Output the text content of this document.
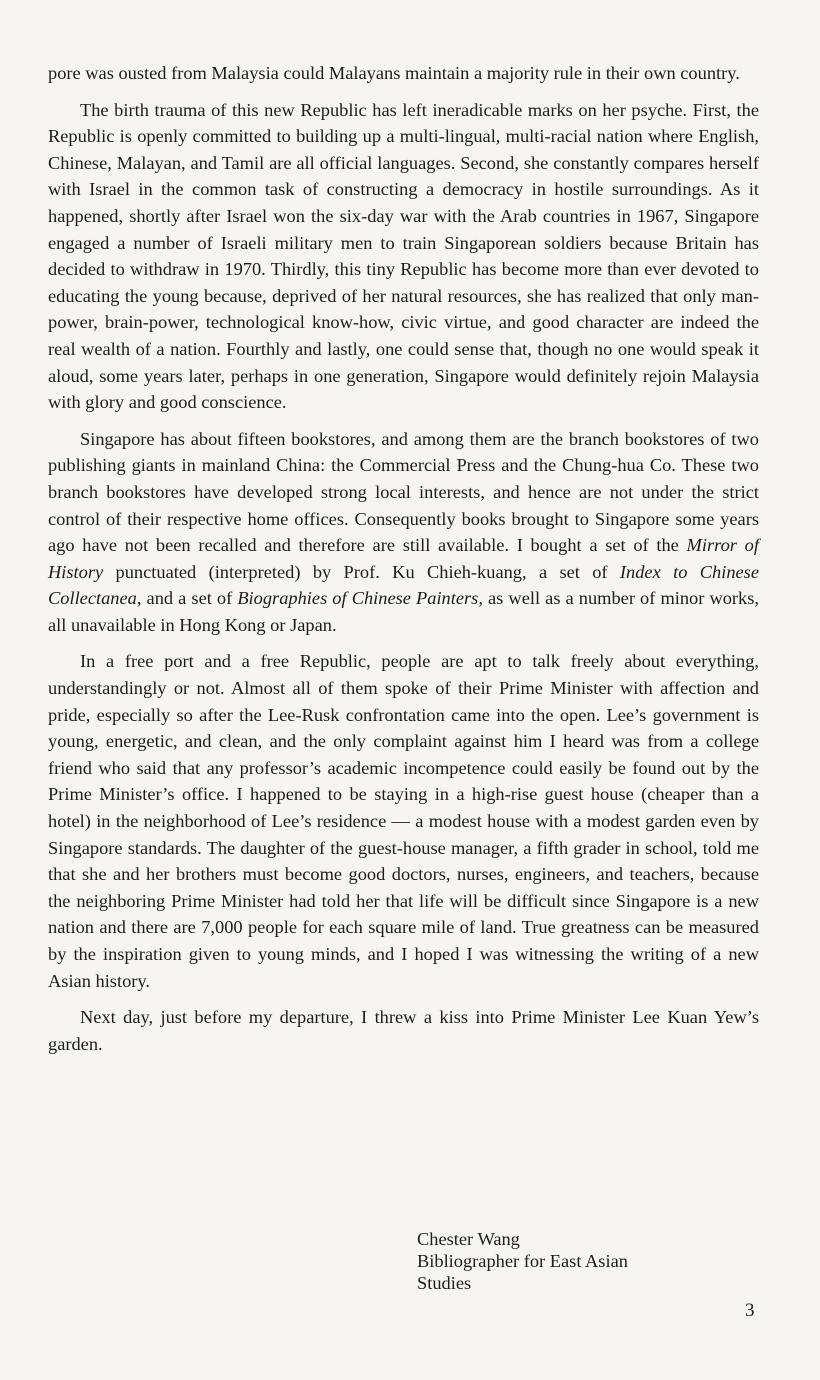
pore was ousted from Malaysia could Malayans maintain a majority rule in their own country.

The birth trauma of this new Republic has left ineradicable marks on her psyche. First, the Republic is openly committed to building up a multi-lingual, multi-racial nation where English, Chinese, Malayan, and Tamil are all official languages. Second, she constantly compares herself with Israel in the common task of constructing a democracy in hostile surroundings. As it happened, shortly after Israel won the six-day war with the Arab countries in 1967, Singapore engaged a number of Israeli military men to train Singaporean soldiers because Britain has decided to withdraw in 1970. Thirdly, this tiny Republic has become more than ever devoted to educating the young because, deprived of her natural resources, she has realized that only man-power, brain-power, technological know-how, civic virtue, and good character are indeed the real wealth of a nation. Fourthly and lastly, one could sense that, though no one would speak it aloud, some years later, perhaps in one generation, Singapore would definitely rejoin Malaysia with glory and good conscience.

Singapore has about fifteen bookstores, and among them are the branch bookstores of two publishing giants in mainland China: the Commercial Press and the Chung-hua Co. These two branch bookstores have developed strong local interests, and hence are not under the strict control of their respective home offices. Consequently books brought to Singapore some years ago have not been recalled and therefore are still available. I bought a set of the Mirror of History punctuated (interpreted) by Prof. Ku Chieh-kuang, a set of Index to Chinese Collectanea, and a set of Biographies of Chinese Painters, as well as a number of minor works, all unavailable in Hong Kong or Japan.

In a free port and a free Republic, people are apt to talk freely about everything, understandingly or not. Almost all of them spoke of their Prime Minister with affection and pride, especially so after the Lee-Rusk confrontation came into the open. Lee’s government is young, energetic, and clean, and the only complaint against him I heard was from a college friend who said that any professor’s academic incompetence could easily be found out by the Prime Minister’s office. I happened to be staying in a high-rise guest house (cheaper than a hotel) in the neighborhood of Lee’s residence — a modest house with a modest garden even by Singapore standards. The daughter of the guest-house manager, a fifth grader in school, told me that she and her brothers must become good doctors, nurses, engineers, and teachers, because the neighboring Prime Minister had told her that life will be difficult since Singapore is a new nation and there are 7,000 people for each square mile of land. True greatness can be measured by the inspiration given to young minds, and I hoped I was witnessing the writing of a new Asian history.

Next day, just before my departure, I threw a kiss into Prime Minister Lee Kuan Yew’s garden.

Chester Wang
Bibliographer for East Asian
Studies
3
